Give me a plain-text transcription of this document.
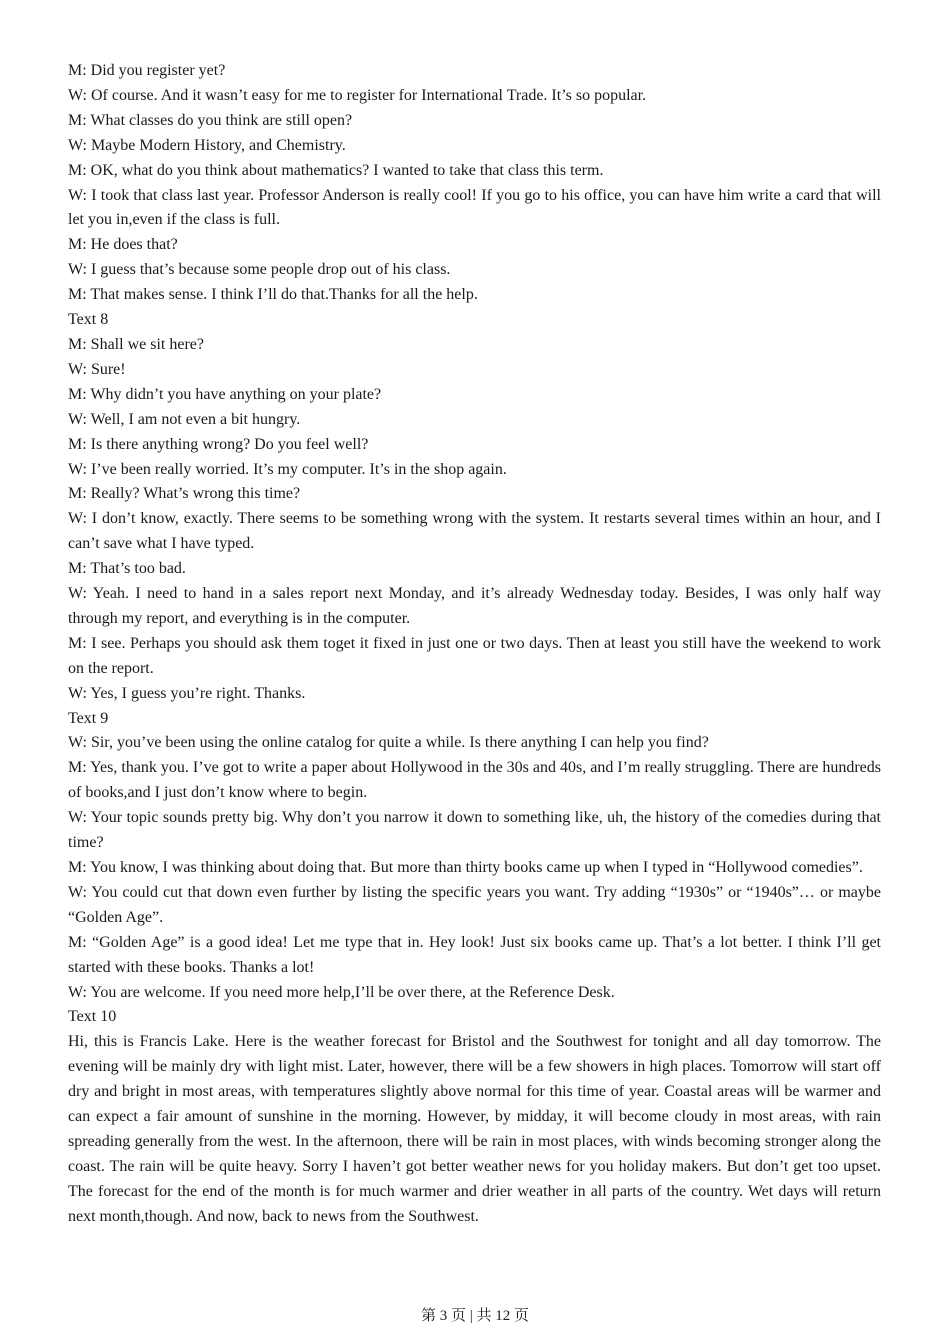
M: Did you register yet?

W: Of course. And it wasn’t easy for me to register for International Trade. It’s so popular.

M: What classes do you think are still open?

W: Maybe Modern History, and Chemistry.

M: OK, what do you think about mathematics? I wanted to take that class this term.

W: I took that class last year. Professor Anderson is really cool! If you go to his office, you can have him write a card that will let you in,even if the class is full.

M: He does that?

W: I guess that’s because some people drop out of his class.

M: That makes sense. I think I’ll do that.Thanks for all the help.

Text 8

M: Shall we sit here?

W: Sure!

M: Why didn’t you have anything on your plate?

W: Well, I am not even a bit hungry.

M: Is there anything wrong? Do you feel well?

W: I’ve been really worried. It’s my computer. It’s in the shop again.

M: Really? What’s wrong this time?

W: I don’t know, exactly. There seems to be something wrong with the system. It restarts several times within an hour, and I can’t save what I have typed.

M: That’s too bad.

W: Yeah. I need to hand in a sales report next Monday, and it’s already Wednesday today. Besides, I was only half way through my report, and everything is in the computer.

M: I see. Perhaps you should ask them toget it fixed in just one or two days. Then at least you still have the weekend to work on the report.

W: Yes, I guess you’re right. Thanks.

Text 9

W: Sir, you’ve been using the online catalog for quite a while. Is there anything I can help you find?

M: Yes, thank you. I’ve got to write a paper about Hollywood in the 30s and 40s, and I’m really struggling. There are hundreds of books,and I just don’t know where to begin.

W: Your topic sounds pretty big. Why don’t you narrow it down to something like, uh, the history of the comedies during that time?

M: You know, I was thinking about doing that. But more than thirty books came up when I typed in “Hollywood comedies”.

W: You could cut that down even further by listing the specific years you want. Try adding “1930s” or “1940s”… or maybe “Golden Age”.

M: “Golden Age” is a good idea! Let me type that in. Hey look! Just six books came up. That’s a lot better. I think I’ll get started with these books. Thanks a lot!

W: You are welcome. If you need more help,I’ll be over there, at the Reference Desk.

Text 10

Hi, this is Francis Lake. Here is the weather forecast for Bristol and the Southwest for tonight and all day tomorrow. The evening will be mainly dry with light mist. Later, however, there will be a few showers in high places. Tomorrow will start off dry and bright in most areas, with temperatures slightly above normal for this time of year. Coastal areas will be warmer and can expect a fair amount of sunshine in the morning. However, by midday, it will become cloudy in most areas, with rain spreading generally from the west. In the afternoon, there will be rain in most places, with winds becoming stronger along the coast. The rain will be quite heavy. Sorry I haven’t got better weather news for you holiday makers. But don’t get too upset. The forecast for the end of the month is for much warmer and drier weather in all parts of the country. Wet days will return next month,though. And now, back to news from the Southwest.

第 3 页 | 共 12 页
